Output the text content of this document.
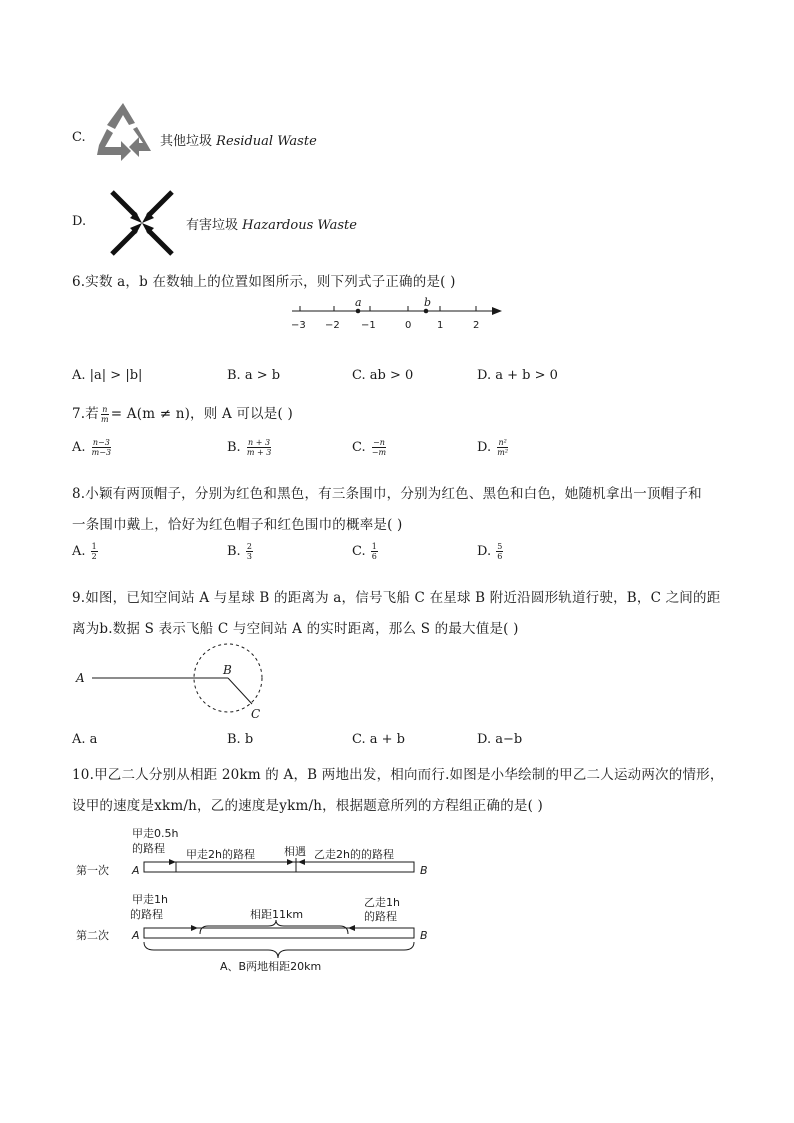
C.	其他垃圾 Residual Waste
D.	有害垃圾 Hazardous Waste
6.实数 a，b 在数轴上的位置如图所示，则下列式子正确的是( )
a	b
−3 −2 −1	0	1	2
A. |a| > |b|	B. a > b	C. ab > 0	D. a + b > 0
7.若 $\frac{n}{m} = A(m \ne n)$，则 A 可以是( )
A. $\frac{n-3}{m-3}$	B. $\frac{n + 3}{m + 3}$	C. $\frac{-n}{-m}$	D. $\frac{\text{n²}}{\text{m²}}$
8.小颖有两顶帽子，分别为红色和黑色，有三条围巾，分别为红色、黑色和白色，她随机拿出一顶帽子和
一条围巾戴上，恰好为红色帽子和红色围巾的概率是( )
A. $\frac{1}{2}$	B. $\frac{2}{3}$	C. $\frac{1}{6}$	D. $\frac{5}{6}$
9.如图，已知空间站 A 与星球 B 的距离为 a，信号飞船 C 在星球 B 附近沿圆形轨道行驶，B，C 之间的距
离为b.数据 S 表示飞船 C 与空间站 A 的实时距离，那么 S 的最大值是( )
A
B
C
A. a	B. b	C. a + b	D. a−b
10.甲乙二人分别从相距 20km 的 A，B 两地出发，相向而行.如图是小华绘制的甲乙二人运动两次的情形，
设甲的速度是xkm/h，乙的速度是ykm/h，根据题意所列的方程组正确的是( )
甲走0.5h
的路程 甲走2h的路程	相遇 乙走2h的的路程
第一次 A	B
甲走1h
的路程	相距11km
乙走1h
的路程
第二次 A	B
A、B两地相距20km
